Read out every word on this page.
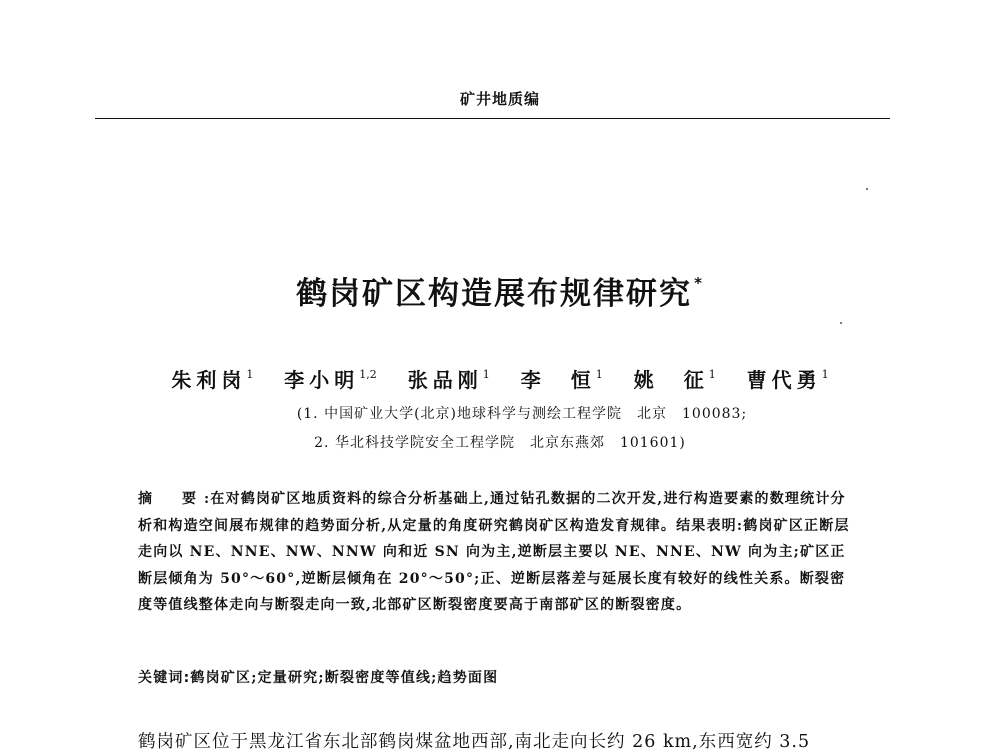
矿井地质编
鹤岗矿区构造展布规律研究 *
朱利岗$^1$ 李小明$^{1,2}$ 张品刚$^1$ 李　恒$^1$ 姚　征$^1$ 曹代勇$^1$
(1. 中国矿业大学(北京)地球科学与测绘工程学院　北京　100083;
2. 华北科技学院安全工程学院　北京东燕郊　101601)
摘　要:在对鹤岗矿区地质资料的综合分析基础上,通过钻孔数据的二次开发,进行构造要素的数理统计分析和构造空间展布规律的趋势面分析,从定量的角度研究鹤岗矿区构造发育规律。结果表明:鹤岗矿区正断层走向以 NE、NNE、NW、NNW 向和近 SN 向为主,逆断层主要以 NE、NNE、NW 向为主;矿区正断层倾角为 50°～60°,逆断层倾角在 20°～50°;正、逆断层落差与延展长度有较好的线性关系。断裂密度等值线整体走向与断裂走向一致,北部矿区断裂密度要高于南部矿区的断裂密度。
关键词:鹤岗矿区;定量研究;断裂密度等值线;趋势面图
鹤岗矿区位于黑龙江省东北部鹤岗煤盆地西部,南北走向长约 26 km,东西宽约 3.5
